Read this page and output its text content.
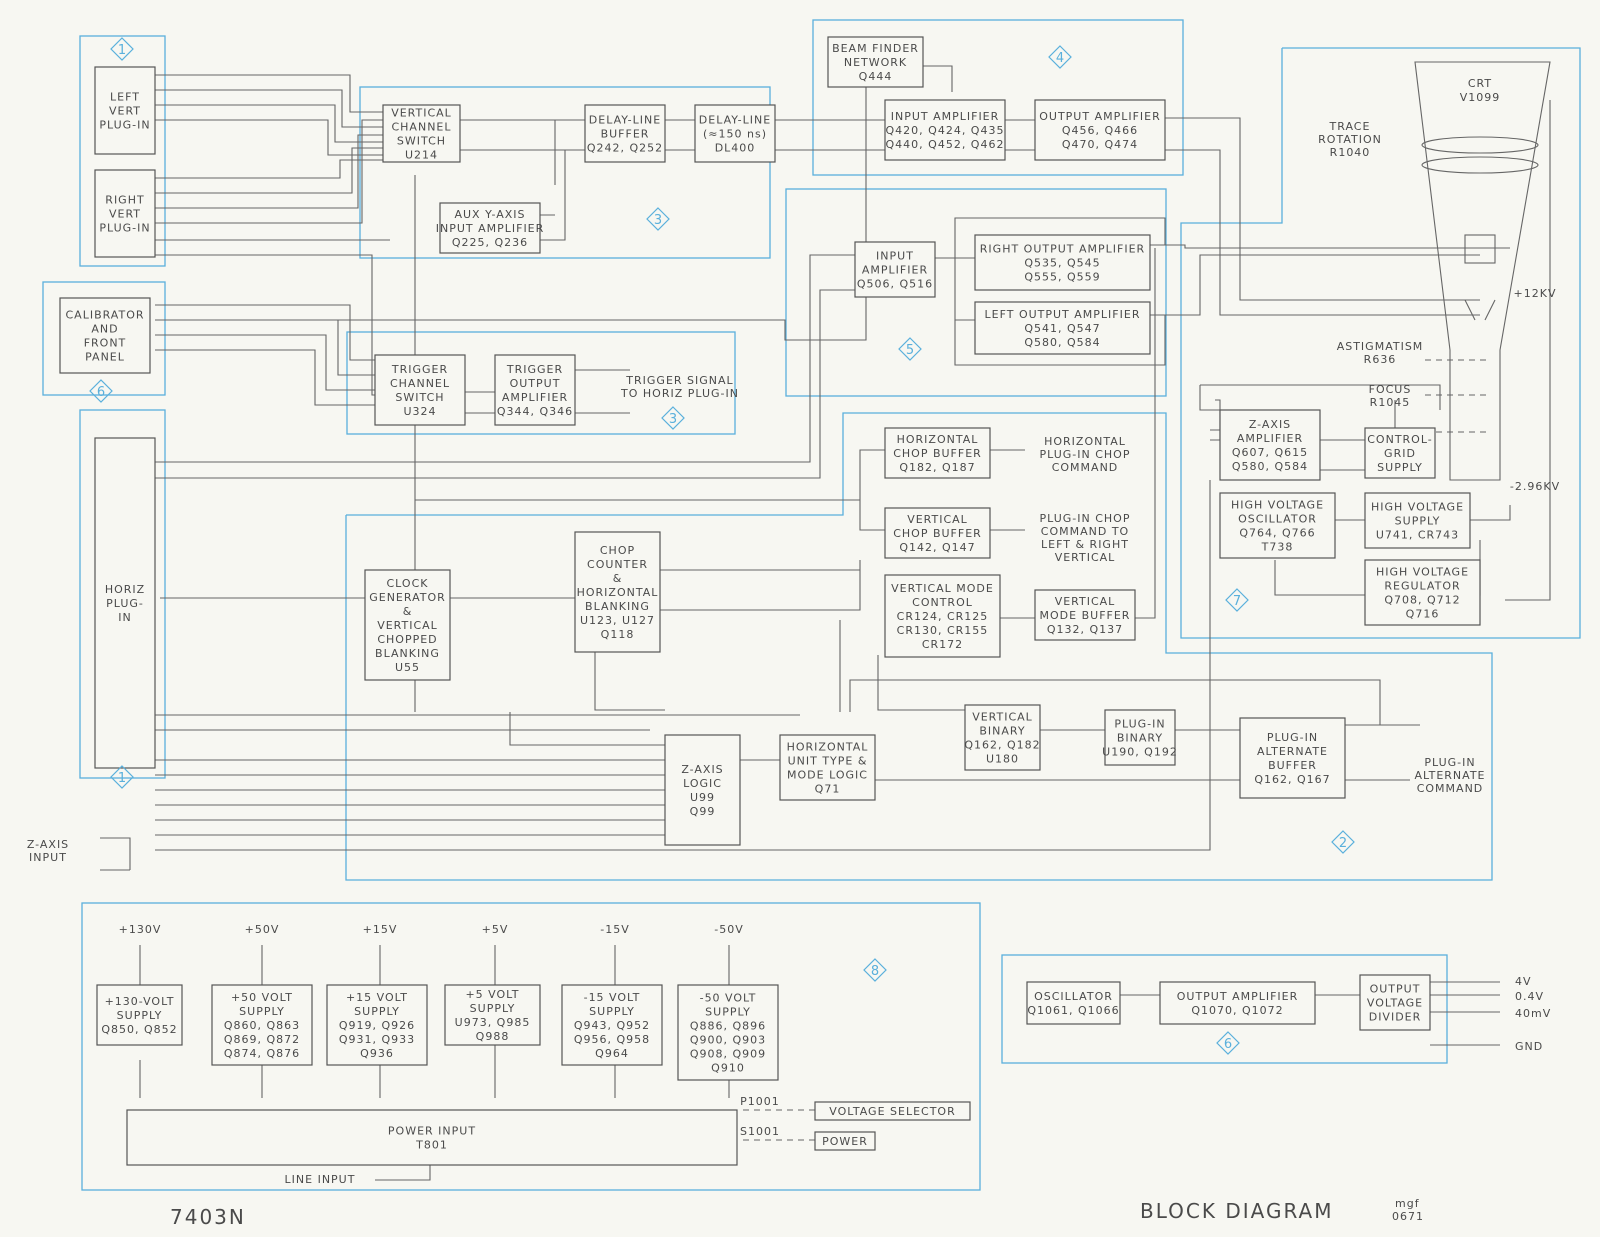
LEFT
VERT
PLUG-IN
RIGHT
VERT
PLUG-IN
CALIBRATOR
AND
FRONT
PANEL
HORIZ
PLUG-
IN
VERTICAL
CHANNEL
SWITCH
U214
DELAY-LINE
BUFFER
Q242, Q252
DELAY-LINE
(≈150 ns)
DL400
AUX Y-AXIS
INPUT AMPLIFIER
Q225, Q236
BEAM FINDER
NETWORK
Q444
INPUT AMPLIFIER
Q420, Q424, Q435
Q440, Q452, Q462
OUTPUT AMPLIFIER
Q456, Q466
Q470, Q474
CRT
V1099
INPUT
AMPLIFIER
Q506, Q516
RIGHT OUTPUT AMPLIFIER
Q535, Q545
Q555, Q559
LEFT OUTPUT AMPLIFIER
Q541, Q547
Q580, Q584
TRIGGER
CHANNEL
SWITCH
U324
TRIGGER
OUTPUT
AMPLIFIER
Q344, Q346
HORIZONTAL
CHOP BUFFER
Q182, Q187
VERTICAL
CHOP BUFFER
Q142, Q147
CLOCK
GENERATOR
&
VERTICAL
CHOPPED
BLANKING
U55
CHOP
COUNTER
&
HORIZONTAL
BLANKING
U123, U127
Q118
VERTICAL MODE
CONTROL
CR124, CR125
CR130, CR155
CR172
VERTICAL
MODE BUFFER
Q132, Q137
Z-AXIS
AMPLIFIER
Q607, Q615
Q580, Q584
CONTROL-
GRID
SUPPLY
HIGH VOLTAGE
OSCILLATOR
Q764, Q766
T738
HIGH VOLTAGE
SUPPLY
U741, CR743
HIGH VOLTAGE
REGULATOR
Q708, Q712
Q716
Z-AXIS
LOGIC
U99
Q99
HORIZONTAL
UNIT TYPE &
MODE LOGIC
Q71
VERTICAL
BINARY
Q162, Q182
U180
PLUG-IN
BINARY
U190, Q192
PLUG-IN
ALTERNATE
BUFFER
Q162, Q167
+130-VOLT
SUPPLY
Q850, Q852
+50 VOLT
SUPPLY
Q860, Q863
Q869, Q872
Q874, Q876
+15 VOLT
SUPPLY
Q919, Q926
Q931, Q933
Q936
+5 VOLT
SUPPLY
U973, Q985
Q988
-15 VOLT
SUPPLY
Q943, Q952
Q956, Q958
Q964
-50 VOLT
SUPPLY
Q886, Q896
Q900, Q903
Q908, Q909
Q910
POWER INPUT
T801
OSCILLATOR
Q1061, Q1066
OUTPUT AMPLIFIER
Q1070, Q1072
OUTPUT
VOLTAGE
DIVIDER
VOLTAGE SELECTOR
POWER
TRIGGER SIGNAL
TO HORIZ PLUG-IN
HORIZONTAL
PLUG-IN CHOP
COMMAND
PLUG-IN CHOP
COMMAND TO
LEFT & RIGHT
VERTICAL
PLUG-IN
ALTERNATE
COMMAND
Z-AXIS
INPUT
TRACE
ROTATION
R1040
ASTIGMATISM
R636
FOCUS
R1045
+12KV
-2.96KV
LINE INPUT
P1001
S1001
+130V	+50V	+15V	+5V	-15V	-50V
4V
0.4V
40mV
GND
7403N	BLOCK DIAGRAM	mgf
0671
1
1
6
3
3
4
5
7
2
8
6
